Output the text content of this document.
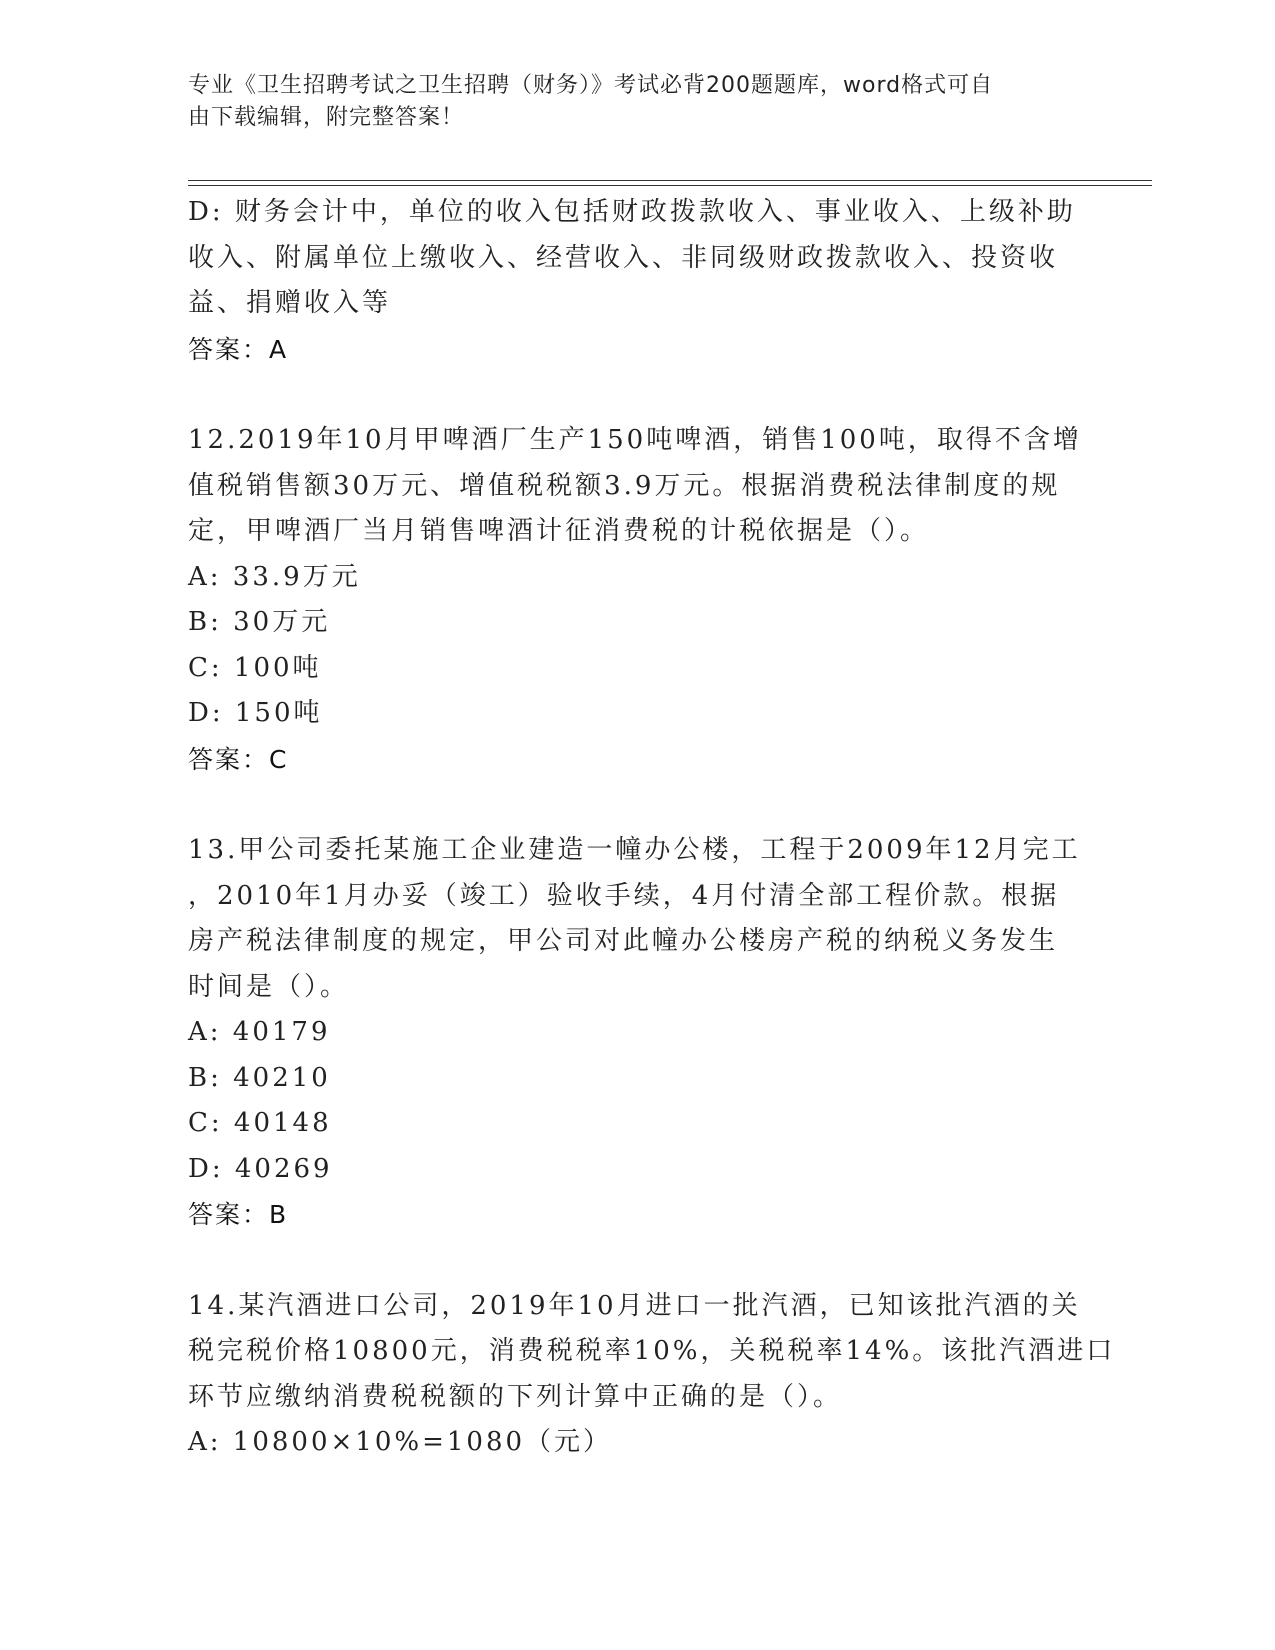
专业《卫生招聘考试之卫生招聘（财务）》考试必背200题题库，word格式可自
由下载编辑，附完整答案！
D: 财务会计中，单位的收入包括财政拨款收入、事业收入、上级补助
收入、附属单位上缴收入、经营收入、非同级财政拨款收入、投资收
益、捐赠收入等
答案：A
12.2019年10月甲啤酒厂生产150吨啤酒，销售100吨，取得不含增
值税销售额30万元、增值税税额3.9万元。根据消费税法律制度的规
定，甲啤酒厂当月销售啤酒计征消费税的计税依据是（）。
A: 33.9万元
B: 30万元
C: 100吨
D: 150吨
答案：C
13.甲公司委托某施工企业建造一幢办公楼，工程于2009年12月完工
，2010年1月办妥（竣工）验收手续，4月付清全部工程价款。根据
房产税法律制度的规定，甲公司对此幢办公楼房产税的纳税义务发生
时间是（）。
A: 40179
B: 40210
C: 40148
D: 40269
答案：B
14.某汽酒进口公司，2019年10月进口一批汽酒，已知该批汽酒的关
税完税价格10800元，消费税税率10%，关税税率14%。该批汽酒进口
环节应缴纳消费税税额的下列计算中正确的是（）。
A: 10800×10%=1080（元）
